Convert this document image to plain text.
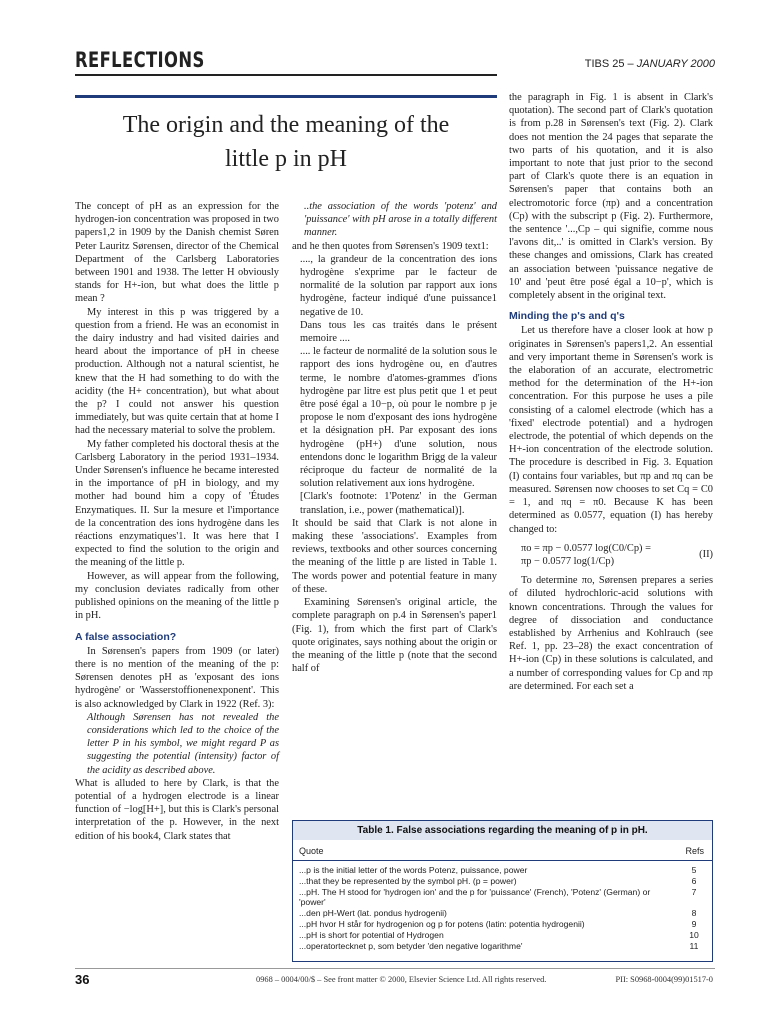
REFLECTIONS	TIBS 25 – JANUARY 2000
The origin and the meaning of the
little p in pH

The concept of pH as an expression for the hydrogen-ion concentration was proposed in two papers1,2 in 1909 by the Danish chemist Søren Peter Lauritz Sørensen, director of the Chemical Department of the Carlsberg Laboratories between 1901 and 1938. The letter H obviously stands for H+-ion, but what does the little p mean ?

My interest in this p was triggered by a question from a friend. He was an economist in the dairy industry and had visited dairies and heard about the importance of pH in cheese production. Although not a natural scientist, he knew that the H had something to do with the acidity (the H+ concentration), but what about the p? I could not answer his question immediately, but was quite certain that at home I had the necessary material to solve the problem.

My father completed his doctoral thesis at the Carlsberg Laboratory in the period 1931–1934. Under Sørensen's influence he became interested in the importance of pH in biology, and my mother had bound him a copy of 'Études Enzymatiques. II. Sur la mesure et l'importance de la concentration des ions hydrogène dans les réactions enzymatiques'1. It was here that I expected to find the solution to the origin and the meaning of the little p.

However, as will appear from the following, my conclusion deviates radically from other published opinions on the meaning of the little p in pH.

A false association?

In Sørensen's papers from 1909 (or later) there is no mention of the meaning of the p: Sørensen denotes pH as 'exposant des ions hydrogène' or 'Wasserstoffionenexponent'. This is also acknowledged by Clark in 1922 (Ref. 3):

Although Sørensen has not revealed the considerations which led to the choice of the letter P in his symbol, we might regard P as suggesting the potential (intensity) factor of the acidity as described above.

What is alluded to here by Clark, is that the potential of a hydrogen electrode is a linear function of −log[H+], but this is Clark's personal interpretation of the p. However, in the next edition of his book4, Clark states that

..the association of the words 'potenz' and 'puissance' with pH arose in a totally different manner.

and he then quotes from Sørensen's 1909 text1:

...., la grandeur de la concentration des ions hydrogène s'exprime par le facteur de normalité de la solution par rapport aux ions hydrogène, facteur indiqué d'une puissance1 negative de 10.

Dans tous les cas traités dans le présent memoire ....

.... le facteur de normalité de la solution sous le rapport des ions hydrogène ou, en d'autres terme, le nombre d'atomes-grammes d'ions hydrogène par litre est plus petit que 1 et peut être posé égal a 10−p, où pour le nombre p je propose le nom d'exposant des ions hydrogène et la désignation pH. Par exposant des ions hydrogène (pH+) d'une solution, nous entendons donc le logarithm Brigg de la valeur réciproque du facteur de normalité de la solution relativement aux ions hydrogène.

[Clark's footnote: 1'Potenz' in the German translation, i.e., power (mathematical)].

It should be said that Clark is not alone in making these 'associations'. Examples from reviews, textbooks and other sources concerning the meaning of the little p are listed in Table 1. The words power and potential feature in many of these.

Examining Sørensen's original article, the complete paragraph on p.4 in Sørensen's paper1 (Fig. 1), from which the first part of Clark's quote originates, says nothing about the origin or the meaning of the little p (note that the second half of

the paragraph in Fig. 1 is absent in Clark's quotation). The second part of Clark's quotation is from p.28 in Sørensen's text (Fig. 2). Clark does not mention the 24 pages that separate the two parts of his quotation, and it is also important to note that just prior to the second part of Clark's quote there is an equation in Sørensen's paper that contains both an electromotoric force (πp) and a concentration (Cp) with the subscript p (Fig. 2). Furthermore, the sentence '...,Cp – qui signifie, comme nous l'avons dit,..' is omitted in Clark's version. By these changes and omissions, Clark has created an association between 'puissance negative de 10' and 'peut être posé égal a 10−p', which is completely absent in the original text.

Minding the p's and q's

Let us therefore have a closer look at how p originates in Sørensen's papers1,2. An essential and very important theme in Sørensen's work is the elaboration of an accurate, electrometric method for the determination of the H+-ion concentration. For this purpose he uses a pile consisting of a calomel electrode (which has a 'fixed' electrode potential) and a hydrogen electrode, the potential of which depends on the H+-ion concentration of the electrode solution. The procedure is described in Fig. 3. Equation (I) contains four variables, but πp and πq can be measured. Sørensen now chooses to set Cq = C0 = 1, and πq = π0. Because K has been determined as 0.0577, equation (I) has hereby changed to:

πo = πp − 0.0577 log(C0/Cp) =
πp − 0.0577 log(1/Cp)
(II)

To determine πo, Sørensen prepares a series of diluted hydrochloric-acid solutions with known concentrations. Through the values for degree of dissociation and conductance established by Arrhenius and Kohlrauch (see Ref. 1, pp. 23–28) the exact concentration of H+-ion (Cp) in these solutions is calculated, and a number of corresponding values for Cp and πp are determined. For each set a

Table 1. False associations regarding the meaning of p in pH.
Quote	Refs
...p is the initial letter of the words Potenz, puissance, power	5
...that they be represented by the symbol pH. (p = power)	6
...pH. The H stood for 'hydrogen ion' and the p for 'puissance' (French), 'Potenz' (German) or 'power'
7
...den pH-Wert (lat. pondus hydrogenii)	8
...pH hvor H står for hydrogenion og p for potens (latin: potentia hydrogenii)	9
...pH is short for potential of Hydrogen	10
...operatortecknet p, som betyder 'den negative logarithme'	11
36	0968 – 0004/00/$ – See front matter © 2000, Elsevier Science Ltd. All rights reserved.	PII: S0968-0004(99)01517-0
